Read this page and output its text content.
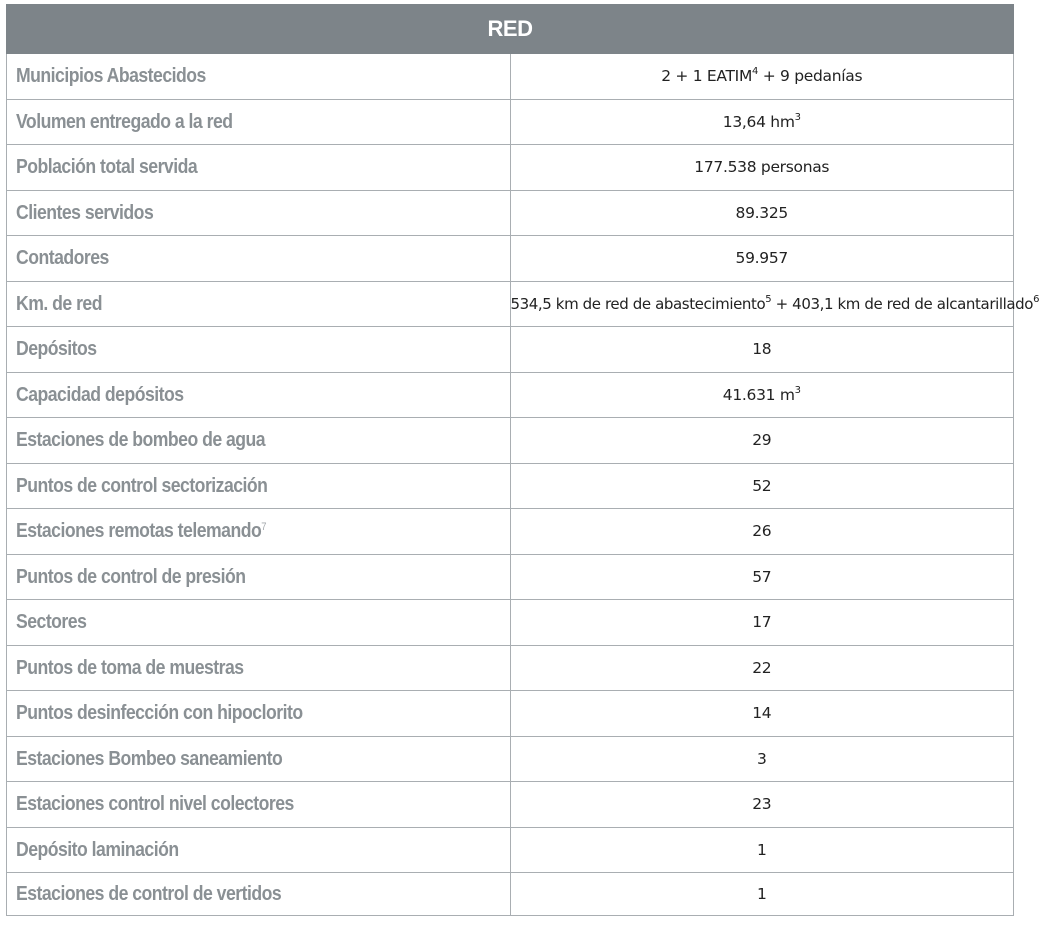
RED	
Municipios Abastecidos	2 + 1 $EATIM^4 + 9$ pedanías
Volumen entregado a la red	13,64 $hm^3$
Población total servida	177.538 personas
Clientes servidos	89.325
Contadores	59.957
Km. de red	534,5 km de red de abastecimiento$^5$ + 403,1 km de red de alcantarillado$^6$
Depósitos	18
Capacidad depósitos	41.631 $m^3$
Estaciones de bombeo de agua	29
Puntos de control sectorización	52
Estaciones remotas telemando$^7$	26
Puntos de control de presión	57
Sectores	17
Puntos de toma de muestras	22
Puntos desinfección con hipoclorito	14
Estaciones Bombeo saneamiento	3
Estaciones control nivel colectores	23
Depósito laminación	1
Estaciones de control de vertidos	1
